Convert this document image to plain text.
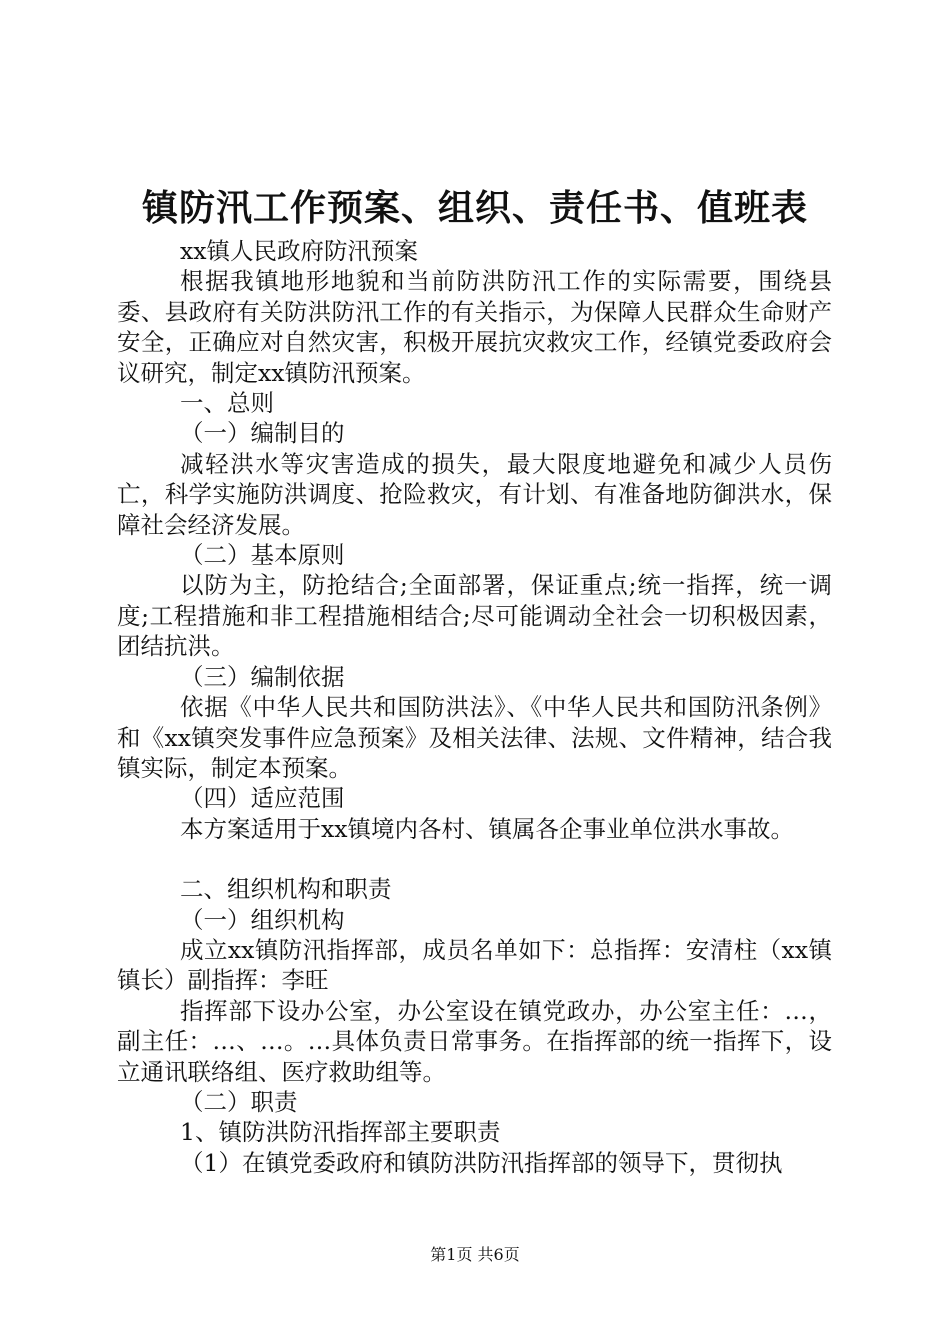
镇防汛工作预案、组织、责任书、值班表

xx镇人民政府防汛预案

根据我镇地形地貌和当前防洪防汛工作的实际需要，围绕县委、县政府有关防洪防汛工作的有关指示，为保障人民群众生命财产安全，正确应对自然灾害，积极开展抗灾救灾工作，经镇党委政府会议研究，制定xx镇防汛预案。

一、总则

（一）编制目的

减轻洪水等灾害造成的损失，最大限度地避免和减少人员伤亡，科学实施防洪调度、抢险救灾，有计划、有准备地防御洪水，保障社会经济发展。

（二）基本原则

以防为主，防抢结合;全面部署，保证重点;统一指挥，统一调度;工程措施和非工程措施相结合;尽可能调动全社会一切积极因素，团结抗洪。

（三）编制依据

依据《中华人民共和国防洪法》、《中华人民共和国防汛条例》和《xx镇突发事件应急预案》及相关法律、法规、文件精神，结合我镇实际，制定本预案。

（四）适应范围

本方案适用于xx镇境内各村、镇属各企事业单位洪水事故。

二、组织机构和职责

（一）组织机构

成立xx镇防汛指挥部，成员名单如下：总指挥：安清柱（xx镇镇长）副指挥：李旺

指挥部下设办公室，办公室设在镇党政办，办公室主任：…，副主任：…、…。…具体负责日常事务。在指挥部的统一指挥下，设立通讯联络组、医疗救助组等。

（二）职责

1、镇防洪防汛指挥部主要职责

（1）在镇党委政府和镇防洪防汛指挥部的领导下，贯彻执

第1页 共6页
